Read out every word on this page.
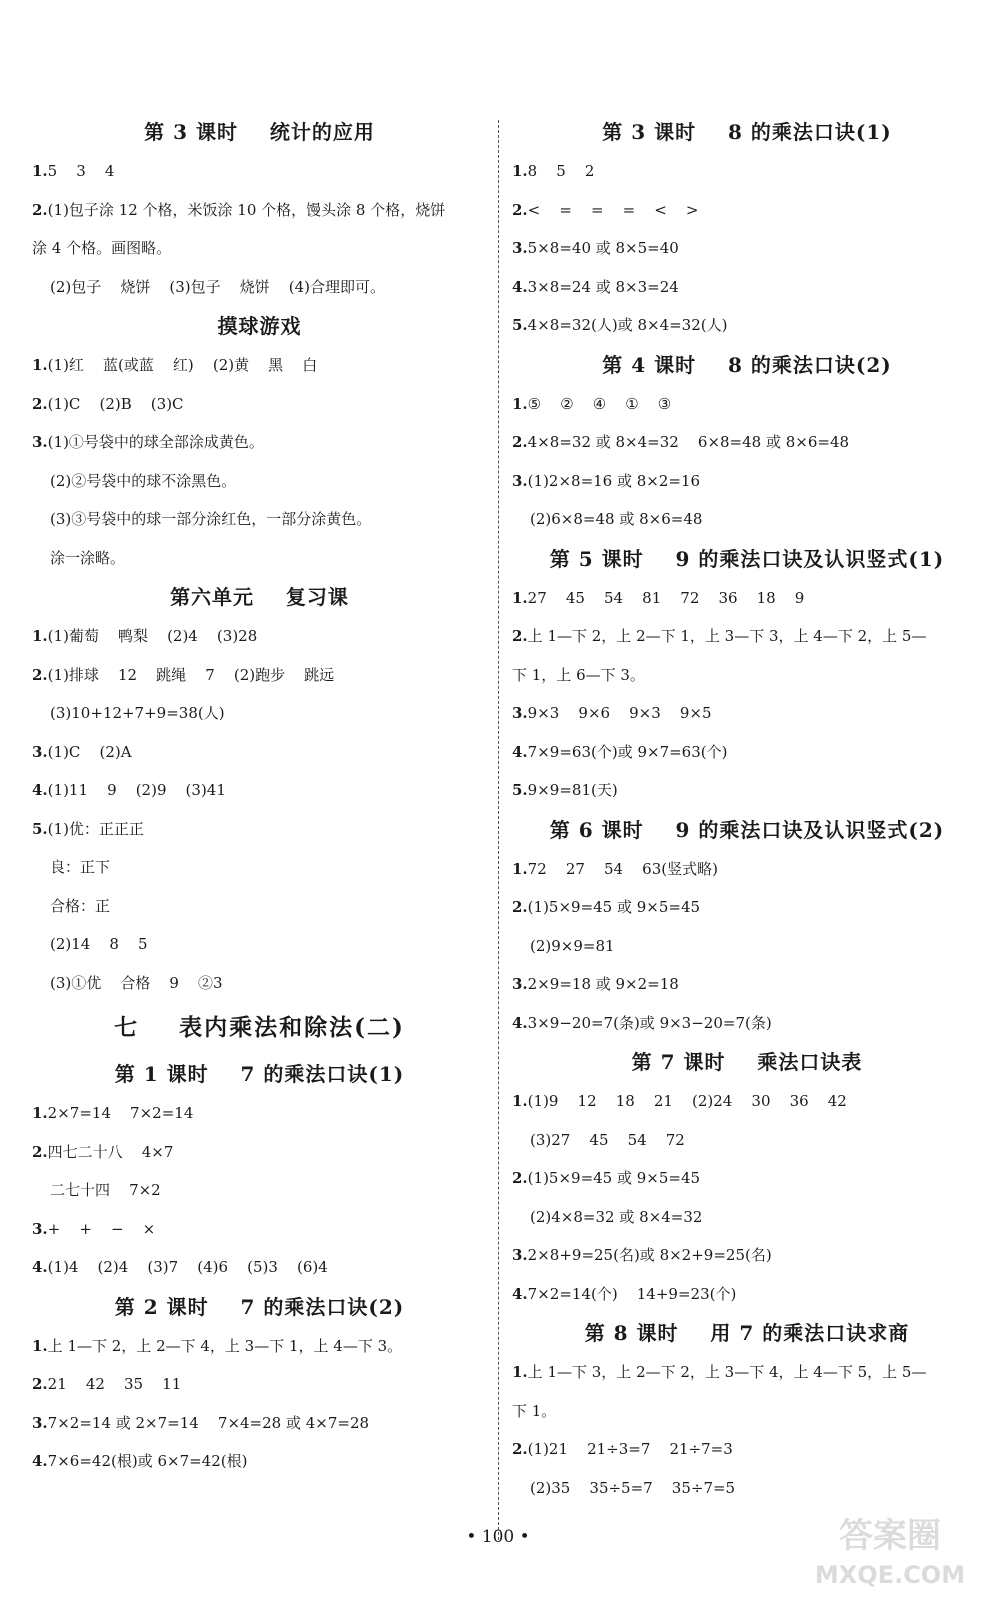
第 3 课时    统计的应用
1.5    3    4
2.(1)包子涂 12 个格，米饭涂 10 个格，馒头涂 8 个格，烧饼
涂 4 个格。画图略。
(2)包子    烧饼    (3)包子    烧饼    (4)合理即可。
摸球游戏
1.(1)红    蓝(或蓝    红)    (2)黄    黑    白
2.(1)C    (2)B    (3)C
3.(1)①号袋中的球全部涂成黄色。
(2)②号袋中的球不涂黑色。
(3)③号袋中的球一部分涂红色，一部分涂黄色。
涂一涂略。
第六单元    复习课
1.(1)葡萄    鸭梨    (2)4    (3)28
2.(1)排球    12    跳绳    7    (2)跑步    跳远
(3)10+12+7+9=38(人)
3.(1)C    (2)A
4.(1)11    9    (2)9    (3)41
5.(1)优：正正正
良：正下
合格：正
(2)14    8    5
(3)①优    合格    9    ②3
七    表内乘法和除法(二)
第 1 课时    7 的乘法口诀(1)
1.2×7=14    7×2=14
2.四七二十八    4×7
二七十四    7×2
3.+    +    −    ×
4.(1)4    (2)4    (3)7    (4)6    (5)3    (6)4
第 2 课时    7 的乘法口诀(2)
1.上 1—下 2，上 2—下 4，上 3—下 1，上 4—下 3。
2.21    42    35    11
3.7×2=14 或 2×7=14    7×4=28 或 4×7=28
4.7×6=42(根)或 6×7=42(根)
第 3 课时    8 的乘法口诀(1)
1.8    5    2
2.<    =    =    =    <    >
3.5×8=40 或 8×5=40
4.3×8=24 或 8×3=24
5.4×8=32(人)或 8×4=32(人)
第 4 课时    8 的乘法口诀(2)
1.⑤    ②    ④    ①    ③
2.4×8=32 或 8×4=32    6×8=48 或 8×6=48
3.(1)2×8=16 或 8×2=16
(2)6×8=48 或 8×6=48
第 5 课时    9 的乘法口诀及认识竖式(1)
1.27    45    54    81    72    36    18    9
2.上 1—下 2，上 2—下 1，上 3—下 3，上 4—下 2，上 5—
下 1，上 6—下 3。
3.9×3    9×6    9×3    9×5
4.7×9=63(个)或 9×7=63(个)
5.9×9=81(天)
第 6 课时    9 的乘法口诀及认识竖式(2)
1.72    27    54    63(竖式略)
2.(1)5×9=45 或 9×5=45
(2)9×9=81
3.2×9=18 或 9×2=18
4.3×9−20=7(条)或 9×3−20=7(条)
第 7 课时    乘法口诀表
1.(1)9    12    18    21    (2)24    30    36    42
(3)27    45    54    72
2.(1)5×9=45 或 9×5=45
(2)4×8=32 或 8×4=32
3.2×8+9=25(名)或 8×2+9=25(名)
4.7×2=14(个)    14+9=23(个)
第 8 课时    用 7 的乘法口诀求商
1.上 1—下 3，上 2—下 2，上 3—下 4，上 4—下 5，上 5—
下 1。
2.(1)21    21÷3=7    21÷7=3
(2)35    35÷5=7    35÷7=5
• 100 •	答案圈
MXQE.COM
